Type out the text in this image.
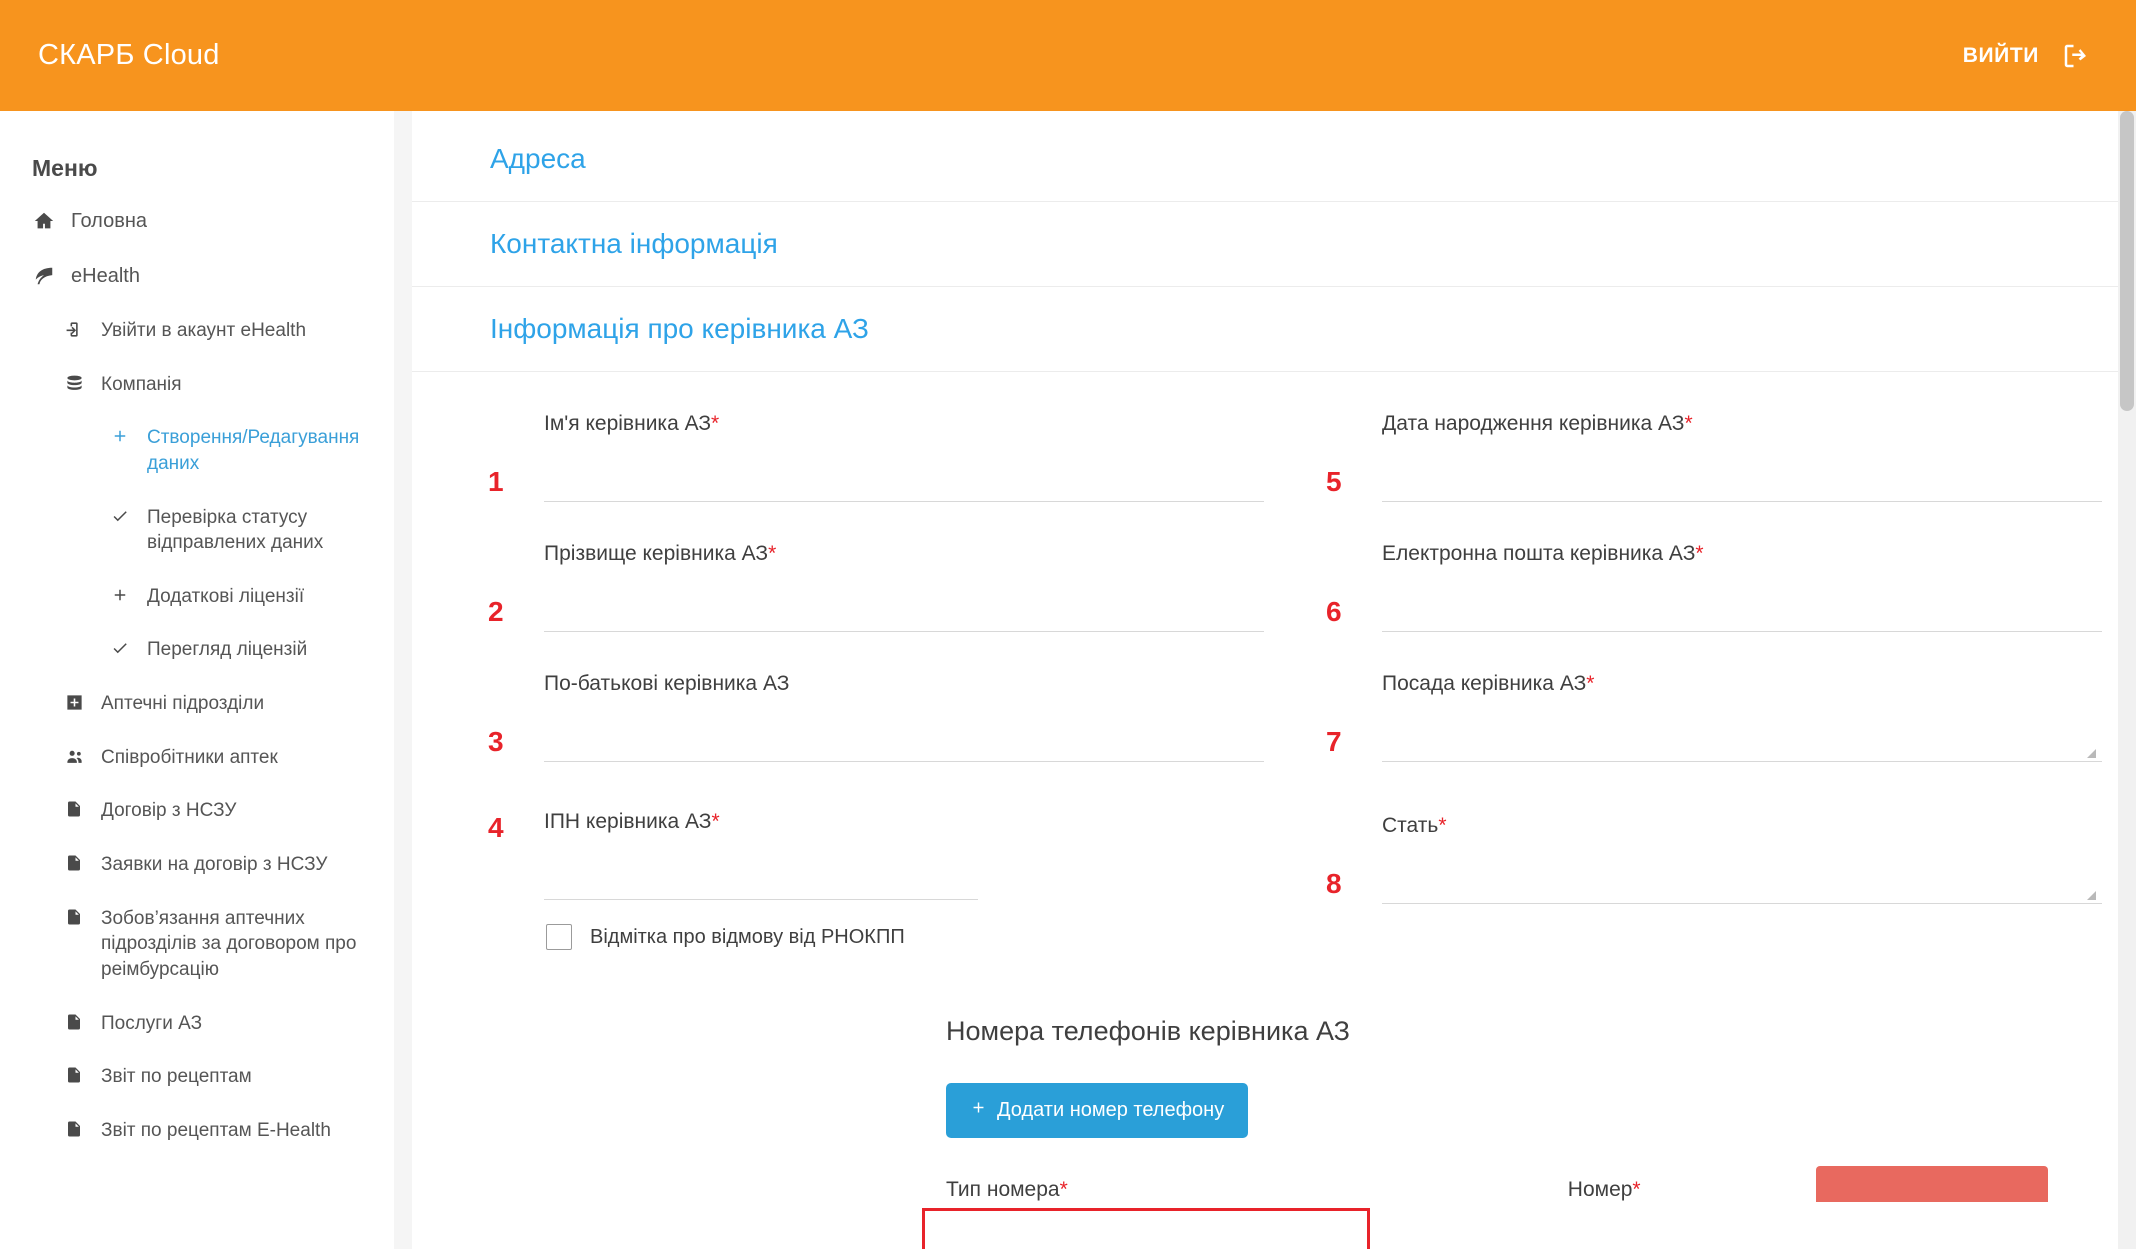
СКАРБ Cloud	ВИЙТИ
Меню
Головна
eHealth
Увійти в акаунт eHealth
Компанія
Створення/Редагування даних
Перевірка статусу відправлених даних
Додаткові ліцензії
Перегляд ліцензій
Аптечні підрозділи
Співробітники аптек
Договір з НСЗУ
Заявки на договір з НСЗУ
Зобов’язання аптечних підрозділів за договором про реімбурсацію
Послуги АЗ
Звіт по рецептам
Звіт по рецептам E-Health
Адреса
Контактна інформація
Інформація про керівника АЗ
Ім'я керівника АЗ*
1
Прізвище керівника АЗ*
2
По-батькові керівника АЗ
3
ІПН керівника АЗ*
4
Відмітка про відмову від РНОКПП
Дата народження керівника АЗ*
5
Електронна пошта керівника АЗ*
6
Посада керівника АЗ*
7
Стать*
8
Номера телефонів керівника АЗ
Додати номер телефону
Тип номера*	Номер*
